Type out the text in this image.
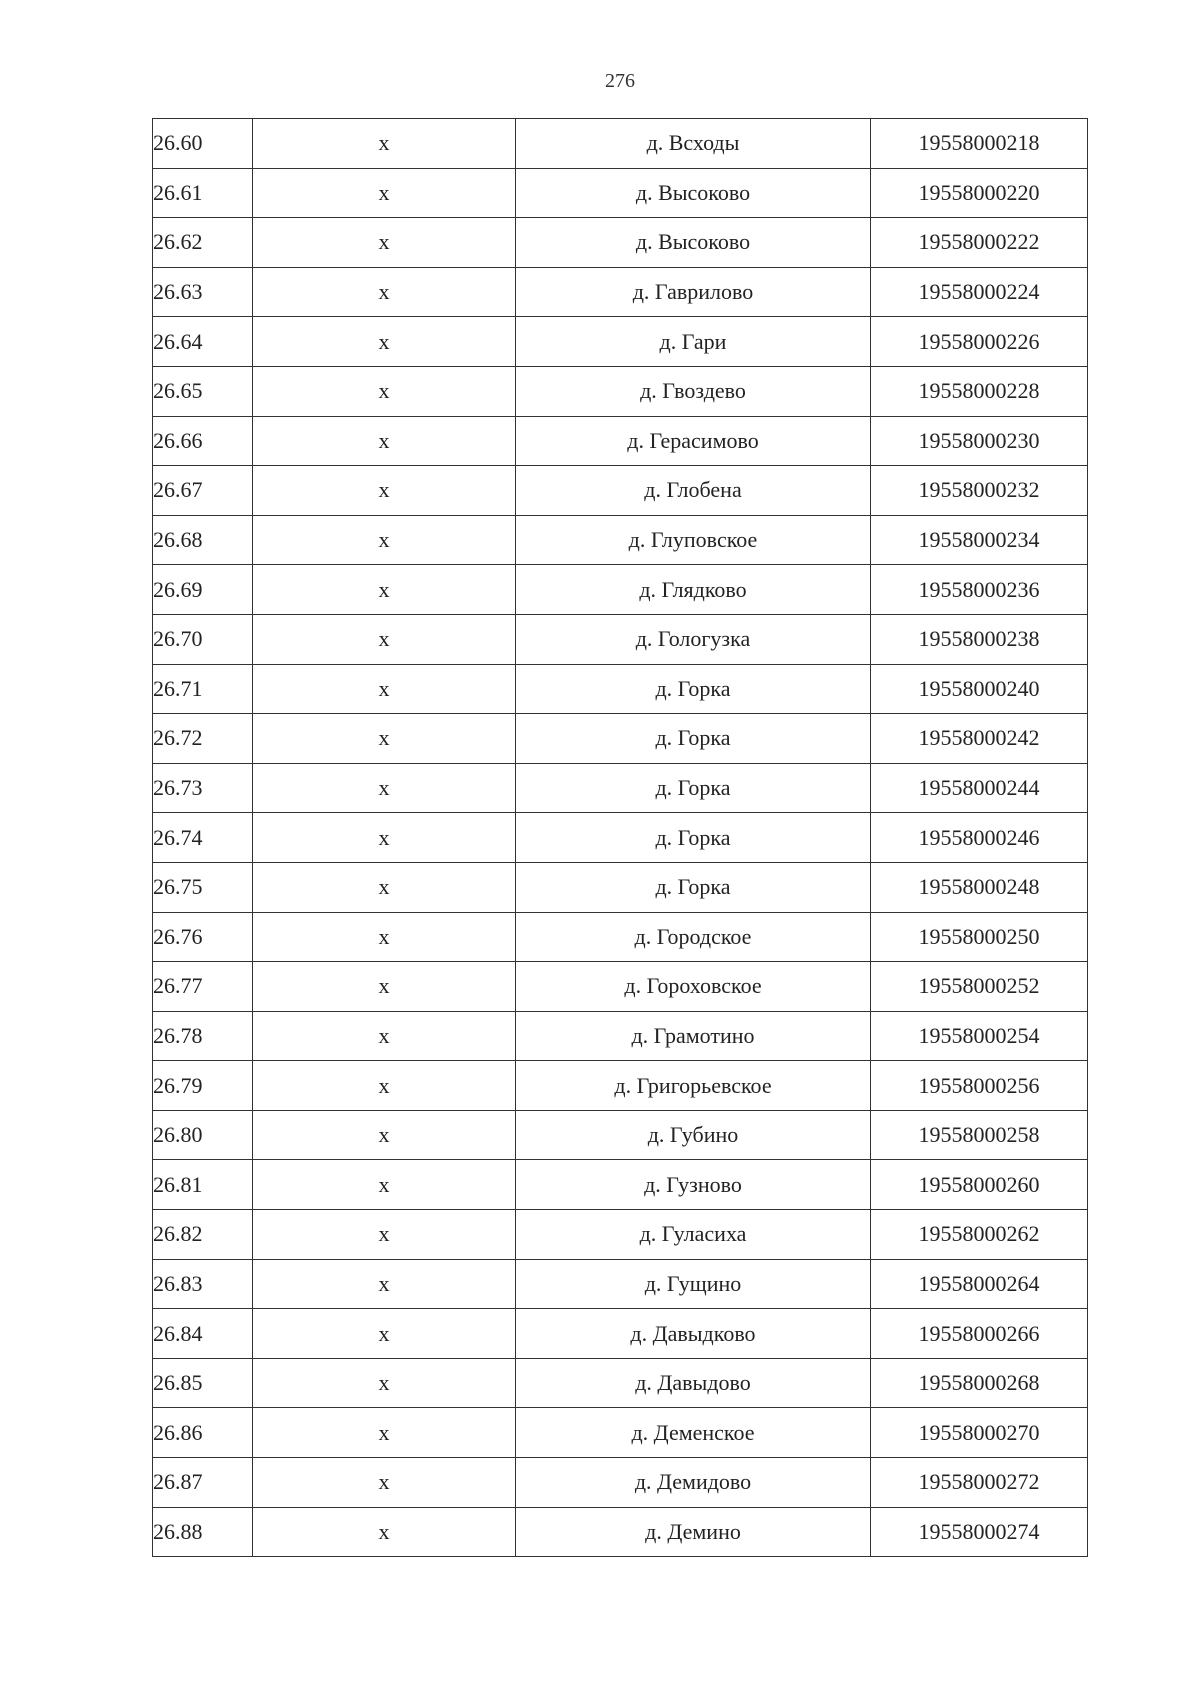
276
26.60	х	д. Всходы	19558000218
26.61	х	д. Высоково	19558000220
26.62	х	д. Высоково	19558000222
26.63	х	д. Гаврилово	19558000224
26.64	х	д. Гари	19558000226
26.65	х	д. Гвоздево	19558000228
26.66	х	д. Герасимово	19558000230
26.67	х	д. Глобена	19558000232
26.68	х	д. Глуповское	19558000234
26.69	х	д. Глядково	19558000236
26.70	х	д. Гологузка	19558000238
26.71	х	д. Горка	19558000240
26.72	х	д. Горка	19558000242
26.73	х	д. Горка	19558000244
26.74	х	д. Горка	19558000246
26.75	х	д. Горка	19558000248
26.76	х	д. Городское	19558000250
26.77	х	д. Гороховское	19558000252
26.78	х	д. Грамотино	19558000254
26.79	х	д. Григорьевское	19558000256
26.80	х	д. Губино	19558000258
26.81	х	д. Гузново	19558000260
26.82	х	д. Гуласиха	19558000262
26.83	х	д. Гущино	19558000264
26.84	х	д. Давыдково	19558000266
26.85	х	д. Давыдово	19558000268
26.86	х	д. Деменское	19558000270
26.87	х	д. Демидово	19558000272
26.88	х	д. Демино	19558000274
